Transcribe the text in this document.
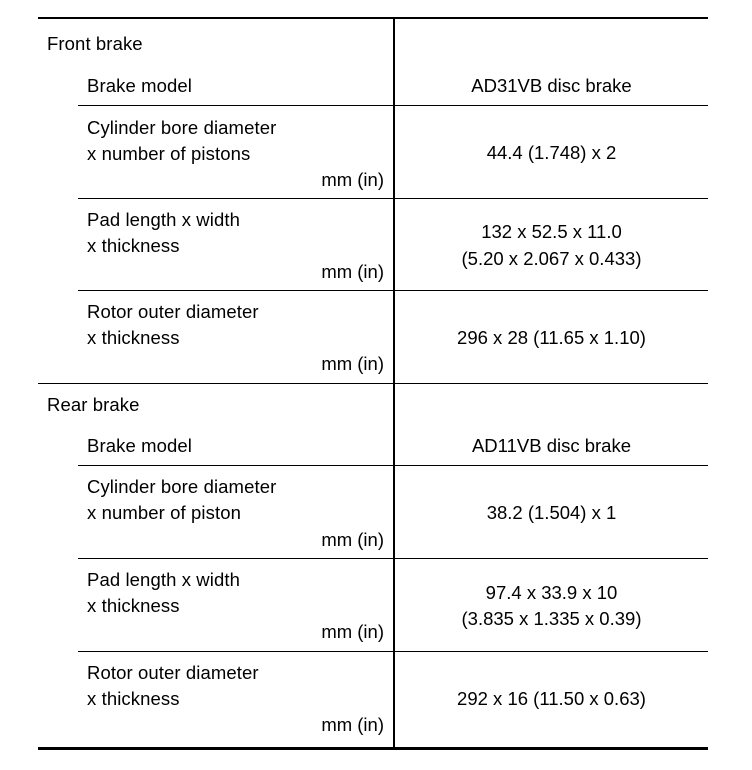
Front brake
Brake model	AD31VB disc brake
Cylinder bore diameter
x number of pistons
mm (in)
44.4 (1.748) x 2
Pad length x width
x thickness
mm (in)
132 x 52.5 x 11.0
(5.20 x 2.067 x 0.433)
Rotor outer diameter
x thickness
mm (in)
296 x 28 (11.65 x 1.10)
Rear brake
Brake model	AD11VB disc brake
Cylinder bore diameter
x number of piston
mm (in)
38.2 (1.504) x 1
Pad length x width
x thickness
mm (in)
97.4 x 33.9 x 10
(3.835 x 1.335 x 0.39)
Rotor outer diameter
x thickness
mm (in)
292 x 16 (11.50 x 0.63)
